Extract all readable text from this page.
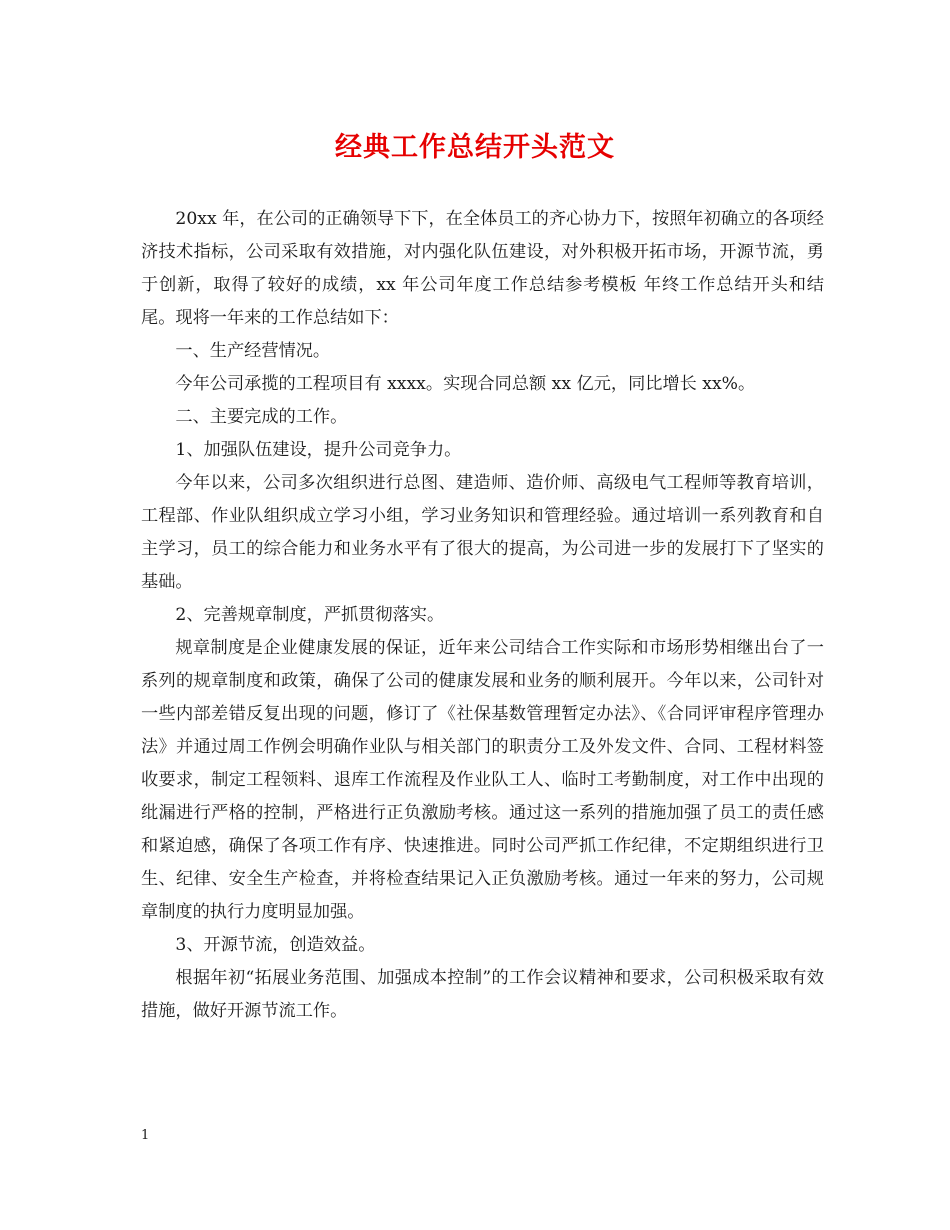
经典工作总结开头范文

20xx 年，在公司的正确领导下下，在全体员工的齐心协力下，按照年初确立的各项经济技术指标，公司采取有效措施，对内强化队伍建设，对外积极开拓市场，开源节流，勇于创新，取得了较好的成绩，xx 年公司年度工作总结参考模板 年终工作总结开头和结尾。现将一年来的工作总结如下：

一、生产经营情况。

今年公司承揽的工程项目有 xxxx。实现合同总额 xx 亿元，同比增长 xx%。

二、主要完成的工作。

1、加强队伍建设，提升公司竞争力。

今年以来，公司多次组织进行总图、建造师、造价师、高级电气工程师等教育培训，工程部、作业队组织成立学习小组，学习业务知识和管理经验。通过培训一系列教育和自主学习，员工的综合能力和业务水平有了很大的提高，为公司进一步的发展打下了坚实的基础。

2、完善规章制度，严抓贯彻落实。

规章制度是企业健康发展的保证，近年来公司结合工作实际和市场形势相继出台了一系列的规章制度和政策，确保了公司的健康发展和业务的顺利展开。今年以来，公司针对一些内部差错反复出现的问题，修订了《社保基数管理暂定办法》、《合同评审程序管理办法》并通过周工作例会明确作业队与相关部门的职责分工及外发文件、合同、工程材料签收要求，制定工程领料、退库工作流程及作业队工人、临时工考勤制度，对工作中出现的纰漏进行严格的控制，严格进行正负激励考核。通过这一系列的措施加强了员工的责任感和紧迫感，确保了各项工作有序、快速推进。同时公司严抓工作纪律，不定期组织进行卫生、纪律、安全生产检查，并将检查结果记入正负激励考核。通过一年来的努力，公司规章制度的执行力度明显加强。

3、开源节流，创造效益。

根据年初“拓展业务范围、加强成本控制”的工作会议精神和要求，公司积极采取有效措施，做好开源节流工作。

1
